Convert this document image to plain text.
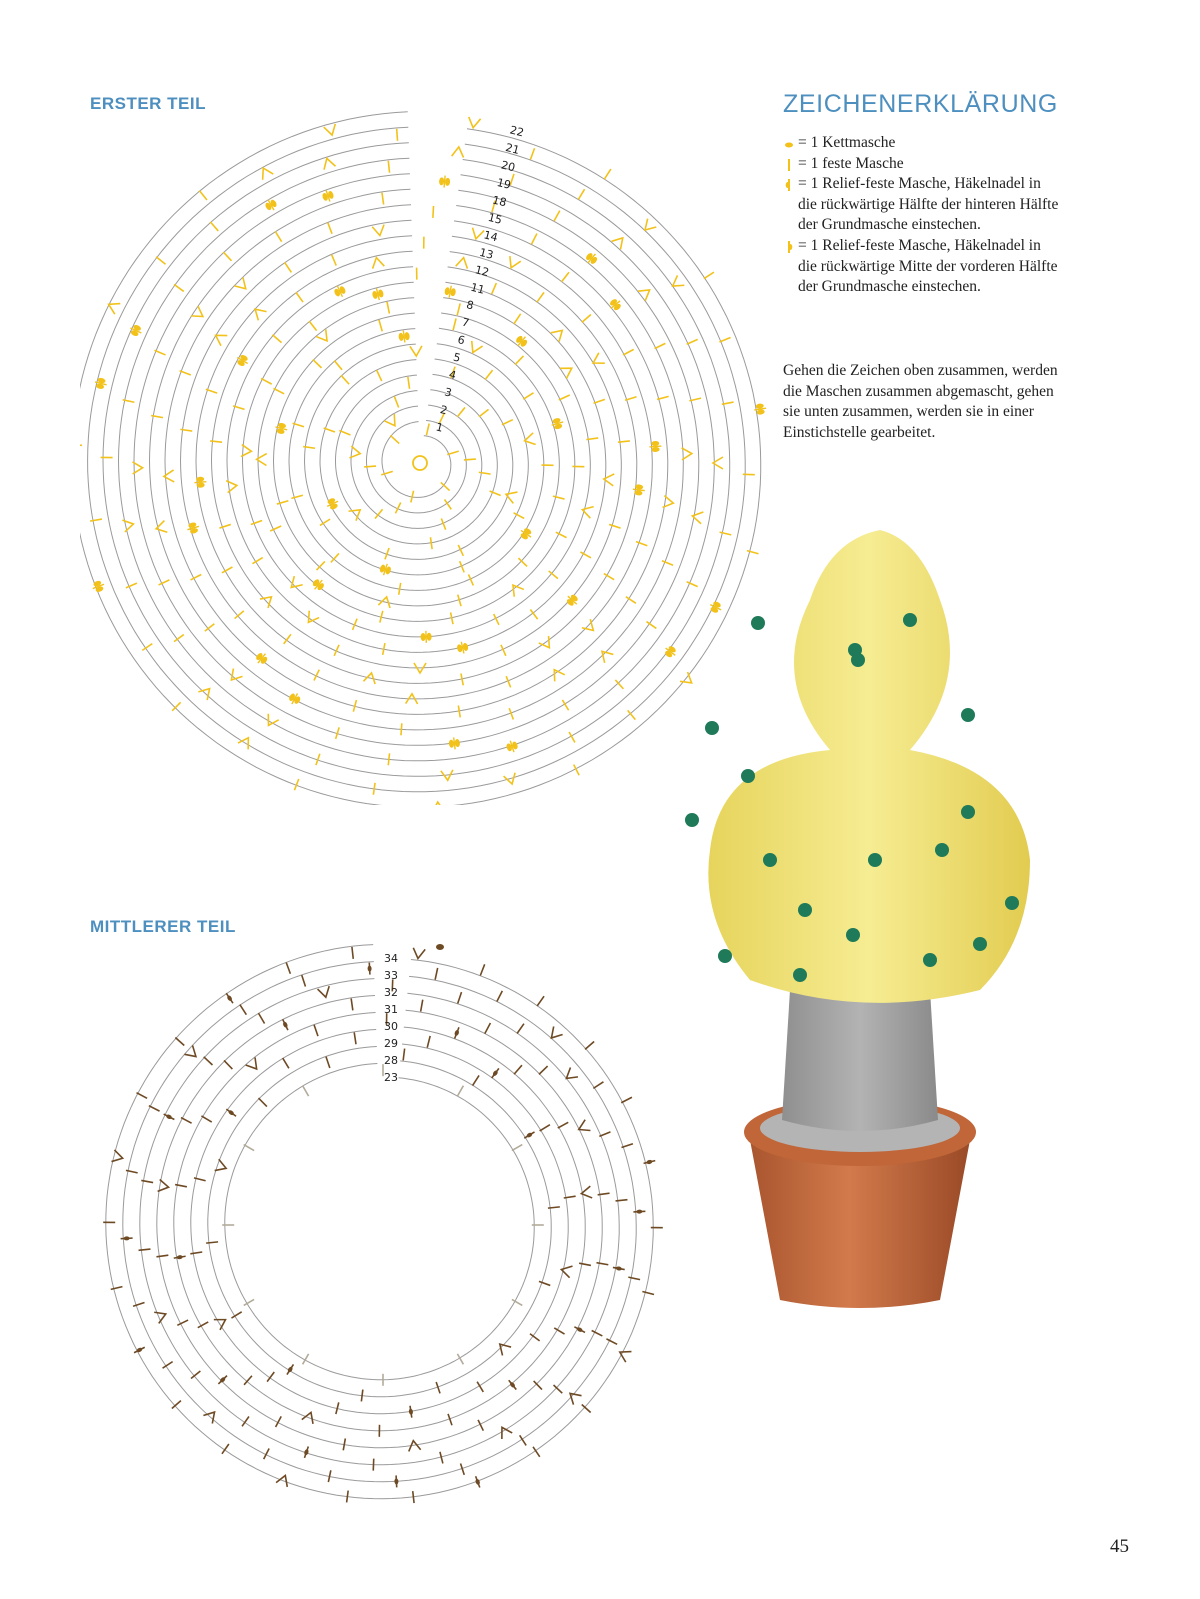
ERSTER TEIL
MITTLERER TEIL
ZEICHENERKLÄRUNG
= 1 Kettmasche
= 1 feste Masche
= 1 Relief-feste Masche, Häkelnadel in die rückwärtige Hälfte der hinteren Hälfte der Grundmasche einstechen.
= 1 Relief-feste Masche, Häkelnadel in die rückwärtige Mitte der vorderen Hälfte der Grundmasche einstechen.
Gehen die Zeichen oben zusammen, werden die Maschen zusammen abgemascht, gehen sie unten zusammen, werden sie in einer Einstichstelle gearbeitet.
1
2
3
4
5
6
7
8
11
12
13
14
15
18
19
20
21
22
23
28
29
30
31
32
33
34
45
